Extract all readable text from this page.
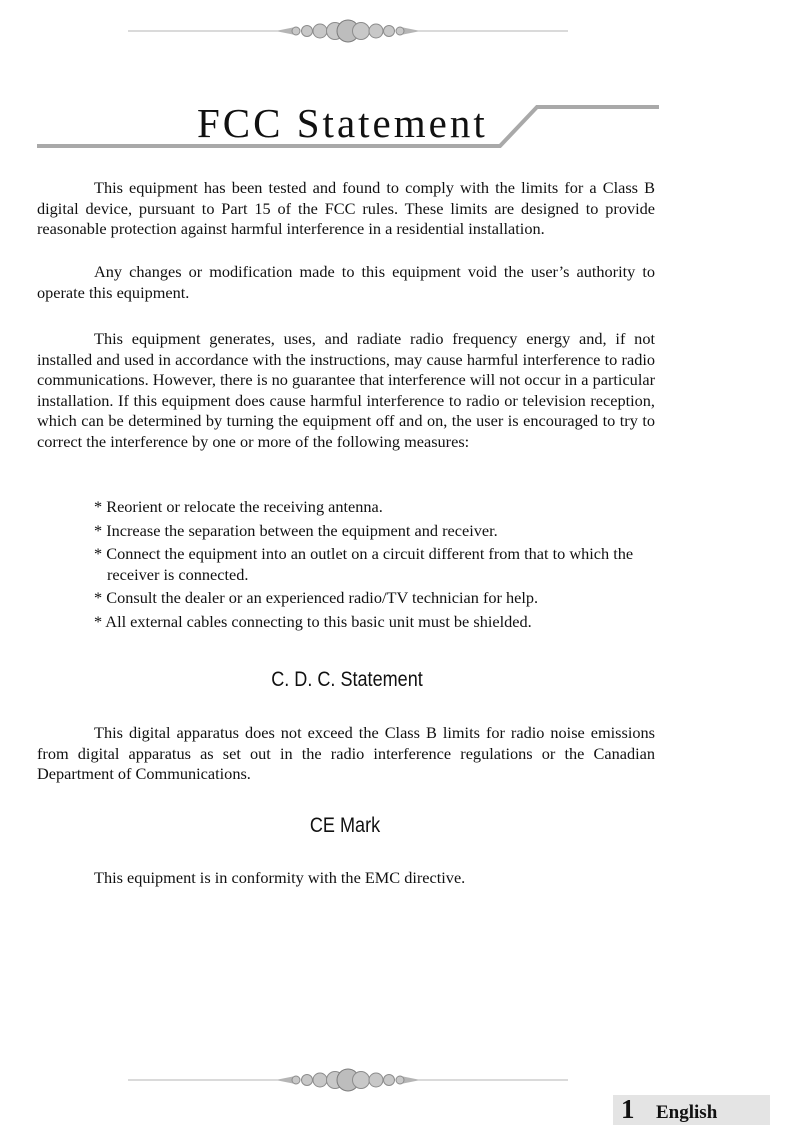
FCC Statement

This equipment has been tested and found to comply with the limits for a Class B digital device, pursuant to Part 15 of the FCC rules. These limits are designed to provide reasonable protection against harmful interference in a residential installation.

Any changes or modification made to this equipment void the user’s authority to operate this equipment.

This equipment generates, uses, and radiate radio frequency energy and, if not installed and used in accordance with the instructions, may cause harmful interference to radio communications. However, there is no guarantee that interference will not occur in a particular installation. If this equipment does cause harmful interference to radio or television reception, which can be determined by turning the equipment off and on, the user is encouraged to try to correct the interference by one or more of the following measures:

* Reorient or relocate the receiving antenna.
* Increase the separation between the equipment and receiver.
* Connect the equipment into an outlet on a circuit different from that to which the receiver is connected.
* Consult the dealer or an experienced radio/TV technician for help.
* All external cables connecting to this basic unit must be shielded.
C. D. C. Statement

This digital apparatus does not exceed the Class B limits for radio noise emissions from digital apparatus as set out in the radio interference regulations or the Canadian Department of Communications.

CE Mark

This equipment is in conformity with the EMC directive.

1 English
